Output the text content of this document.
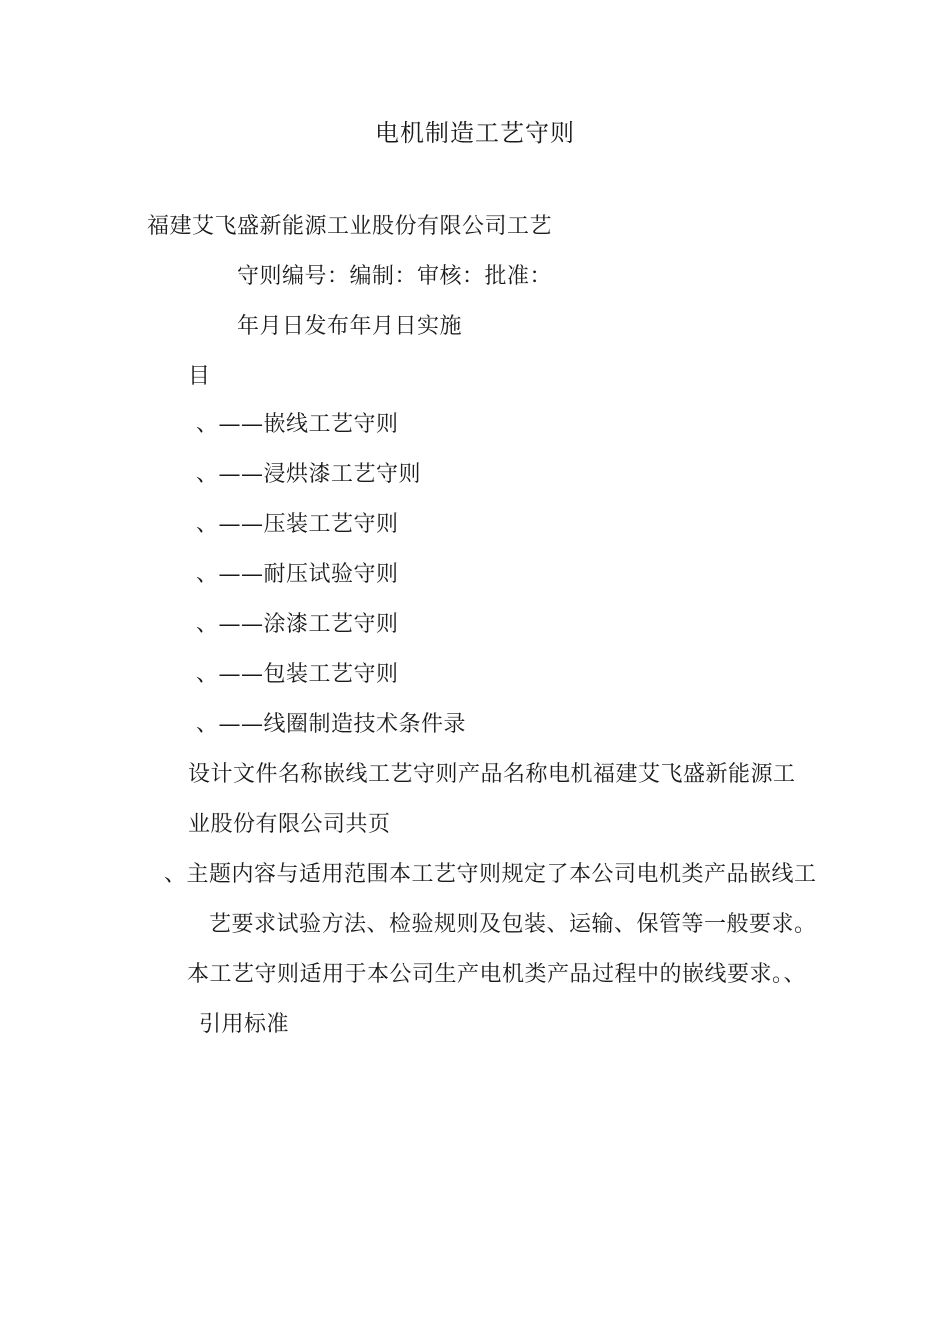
电机制造工艺守则
福建艾飞盛新能源工业股份有限公司工艺
守则编号：编制：审核：批准：
年月日发布年月日实施
目
、——嵌线工艺守则
、——浸烘漆工艺守则
、——压装工艺守则
、——耐压试验守则
、——涂漆工艺守则
、——包装工艺守则
、——线圈制造技术条件录
设计文件名称嵌线工艺守则产品名称电机福建艾飞盛新能源工
业股份有限公司共页
、主题内容与适用范围本工艺守则规定了本公司电机类产品嵌线工
艺要求试验方法、检验规则及包装、运输、保管等一般要求。
本工艺守则适用于本公司生产电机类产品过程中的嵌线要求。、
引用标准
